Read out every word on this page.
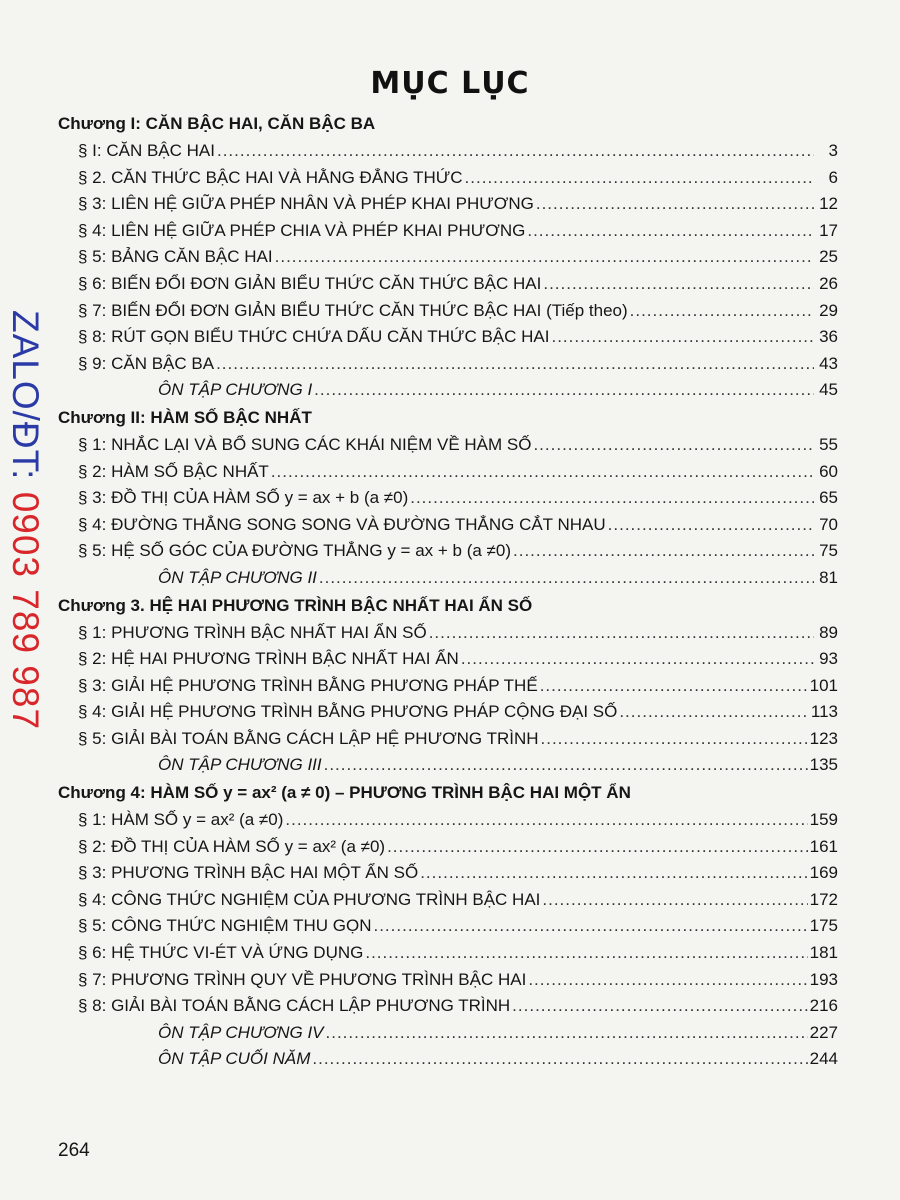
MỤC LỤC
Chương I: CĂN BẬC HAI, CĂN BẬC BA
§ I: CĂN BẬC HAI .....	3
§ 2. CĂN THỨC BẬC HAI VÀ HẰNG ĐẲNG THỨC .....	6
§ 3: LIÊN HỆ GIỮA PHÉP NHÂN VÀ PHÉP KHAI PHƯƠNG .....	12
§ 4: LIÊN HỆ GIỮA PHÉP CHIA VÀ PHÉP KHAI PHƯƠNG .....	17
§ 5: BẢNG CĂN BẬC HAI .....	25
§ 6: BIẾN ĐỔI ĐƠN GIẢN BIỂU THỨC CĂN THỨC BẬC HAI .....	26
§ 7: BIẾN ĐỔI ĐƠN GIẢN BIỂU THỨC CĂN THỨC BẬC HAI (Tiếp theo) .....	29
§ 8: RÚT GỌN BIỂU THỨC CHỨA DẤU CĂN THỨC BẬC HAI .....	36
§ 9: CĂN BẬC BA .....	43
ÔN TẬP CHƯƠNG I .....	45
Chương II: HÀM SỐ BẬC NHẤT
§ 1: NHẮC LẠI VÀ BỔ SUNG CÁC KHÁI NIỆM VỀ HÀM SỐ .....	55
§ 2: HÀM SỐ BẬC NHẤT .....	60
§ 3: ĐỒ THỊ CỦA HÀM SỐ y = ax + b (a ≠0) .....	65
§ 4: ĐƯỜNG THẲNG SONG SONG VÀ ĐƯỜNG THẲNG CẮT NHAU .....	70
§ 5: HỆ SỐ GÓC CỦA ĐƯỜNG THẲNG y = ax + b (a ≠0) .....	75
ÔN TẬP CHƯƠNG II .....	81
Chương 3. HỆ HAI PHƯƠNG TRÌNH BẬC NHẤT HAI ẨN SỐ
§ 1: PHƯƠNG TRÌNH BẬC NHẤT HAI ẨN SỐ .....	89
§ 2: HỆ HAI PHƯƠNG TRÌNH BẬC NHẤT HAI ẨN .....	93
§ 3: GIẢI HỆ PHƯƠNG TRÌNH BẰNG PHƯƠNG PHÁP THẾ .....	101
§ 4: GIẢI HỆ PHƯƠNG TRÌNH BẰNG PHƯƠNG PHÁP CỘNG ĐẠI SỐ .....	113
§ 5: GIẢI BÀI TOÁN BẰNG CÁCH LẬP HỆ PHƯƠNG TRÌNH .....	123
ÔN TẬP CHƯƠNG III .....	135
Chương 4: HÀM SỐ y = ax² (a ≠ 0) – PHƯƠNG TRÌNH BẬC HAI MỘT ẨN
§ 1: HÀM SỐ y = ax² (a ≠0) .....	159
§ 2: ĐỒ THỊ CỦA HÀM SỐ y = ax² (a ≠0) .....	161
§ 3: PHƯƠNG TRÌNH BẬC HAI MỘT ẨN SỐ .....	169
§ 4: CÔNG THỨC NGHIỆM CỦA PHƯƠNG TRÌNH BẬC HAI .....	172
§ 5: CÔNG THỨC NGHIỆM THU GỌN .....	175
§ 6: HỆ THỨC VI-ÉT VÀ ỨNG DỤNG .....	181
§ 7: PHƯƠNG TRÌNH QUY VỀ PHƯƠNG TRÌNH BẬC HAI .....	193
§ 8: GIẢI BÀI TOÁN BẰNG CÁCH LẬP PHƯƠNG TRÌNH .....	216
ÔN TẬP CHƯƠNG IV .....	227
ÔN TẬP CUỐI NĂM .....	244
ZALO/ĐT: 0903 789 987
264
